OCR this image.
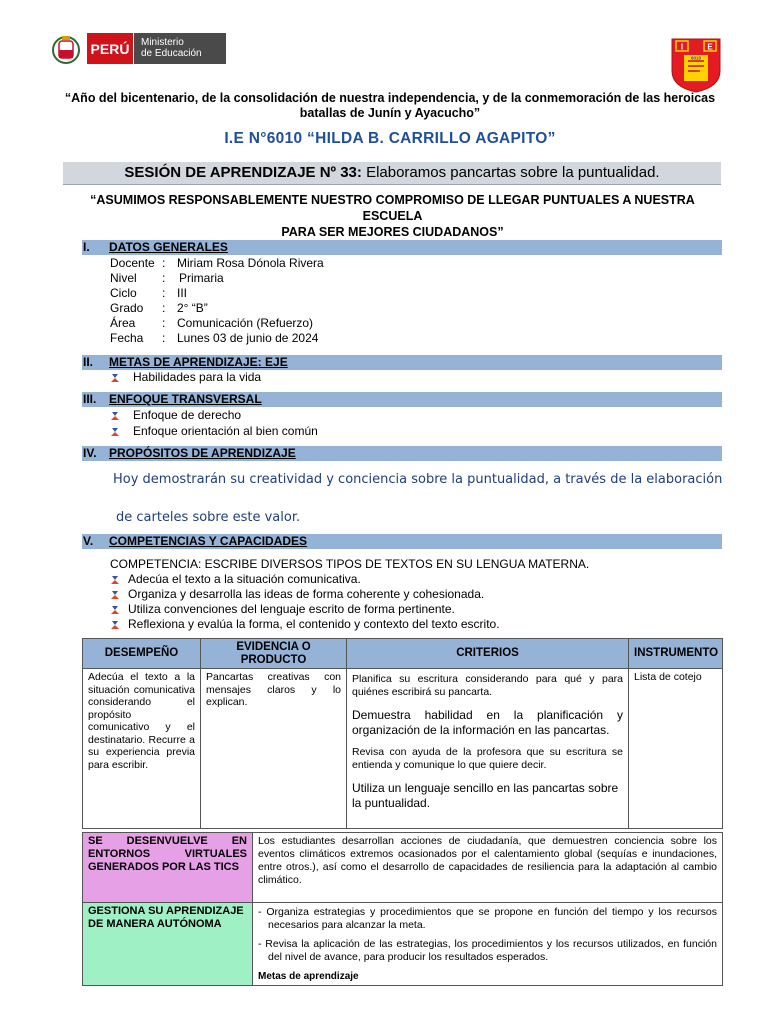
PERÚ	Ministerio
de Educación
I	E
6010
“Año del bicentenario, de la consolidación de nuestra independencia, y de la conmemoración de las heroicas
batallas de Junín y Ayacucho”
I.E N°6010 “HILDA B. CARRILLO AGAPITO”
SESIÓN DE APRENDIZAJE Nº 33: Elaboramos pancartas sobre la puntualidad.
“ASUMIMOS RESPONSABLEMENTE NUESTRO COMPROMISO DE LLEGAR PUNTUALES A NUESTRA ESCUELA
PARA SER MEJORES CIUDADANOS”
I. DATOS GENERALES
Docente : Miriam Rosa Dónola Rivera
Nivel : Primaria
Ciclo : III
Grado : 2° “B”
Área : Comunicación (Refuerzo)
Fecha : Lunes 03 de junio de 2024
II. METAS DE APRENDIZAJE: EJE
Habilidades para la vida
III. ENFOQUE TRANSVERSAL
Enfoque de derecho
Enfoque orientación al bien común
IV. PROPÓSITOS DE APRENDIZAJE
Hoy demostrarán su creatividad y conciencia sobre la puntualidad, a través de la elaboración
de carteles sobre este valor.
V. COMPETENCIAS Y CAPACIDADES
COMPETENCIA: ESCRIBE DIVERSOS TIPOS DE TEXTOS EN SU LENGUA MATERNA.
Adecúa el texto a la situación comunicativa.
Organiza y desarrolla las ideas de forma coherente y cohesionada.
Utiliza convenciones del lenguaje escrito de forma pertinente.
Reflexiona y evalúa la forma, el contenido y contexto del texto escrito.
DESEMPEÑO	EVIDENCIA O PRODUCTO	CRITERIOS	INSTRUMENTO
Adecúa el texto a la situación comunicativa considerando el propósito comunicativo y el destinatario. Recurre a su experiencia previa para escribir.	Pancartas creativas con mensajes claros y lo explican.	Planifica su escritura considerando para qué y para quiénes escribirá su pancarta.
Demuestra habilidad en la planificación y organización de la información en las pancartas.
Revisa con ayuda de la profesora que su escritura se entienda y comunique lo que quiere decir.
Utiliza un lenguaje sencillo en las pancartas sobre la puntualidad.	Lista de cotejo
SE DESENVUELVE EN ENTORNOS VIRTUALES GENERADOS POR LAS TICS	Los estudiantes desarrollan acciones de ciudadanía, que demuestren conciencia sobre los eventos climáticos extremos ocasionados por el calentamiento global (sequías e inundaciones, entre otros.), así como el desarrollo de capacidades de resiliencia para la adaptación al cambio climático.
GESTIONA SU APRENDIZAJE DE MANERA AUTÓNOMA	- Organiza estrategias y procedimientos que se propone en función del tiempo y los recursos necesarios para alcanzar la meta.
- Revisa la aplicación de las estrategias, los procedimientos y los recursos utilizados, en función del nivel de avance, para producir los resultados esperados.
Metas de aprendizaje
